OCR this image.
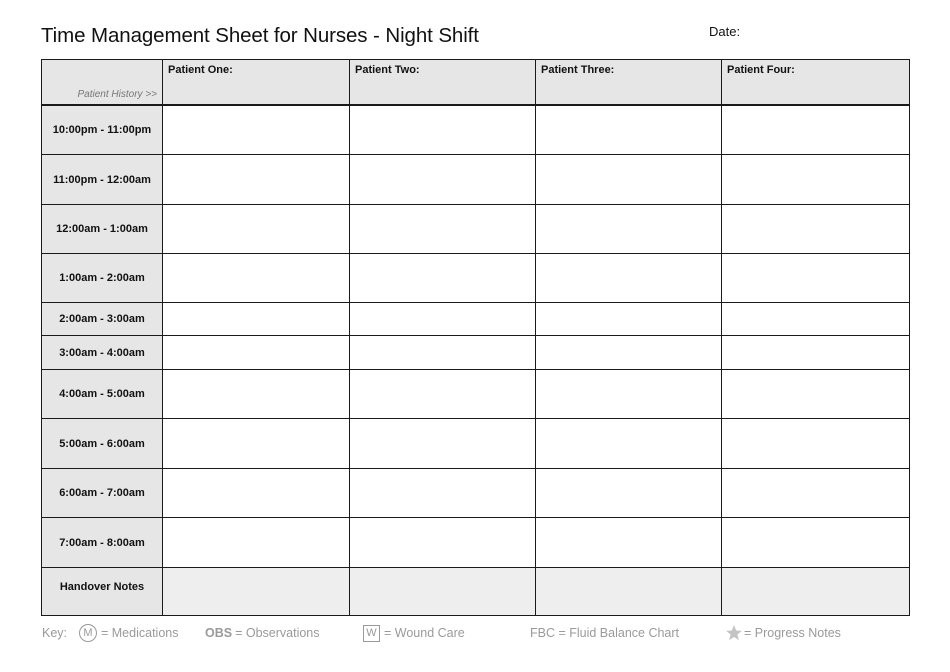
Time Management Sheet for Nurses - Night Shift	Date:
Patient History >>	Patient One:	Patient Two:	Patient Three:	Patient Four:
10:00pm - 11:00pm				
11:00pm - 12:00am				
12:00am - 1:00am				
1:00am - 2:00am				
2:00am - 3:00am				
3:00am - 4:00am				
4:00am - 5:00am				
5:00am - 6:00am				
6:00am - 7:00am				
7:00am - 8:00am				
Handover Notes				
Key:	M = Medications OBS = Observations	W = Wound Care	FBC = Fluid Balance Chart	= Progress Notes
